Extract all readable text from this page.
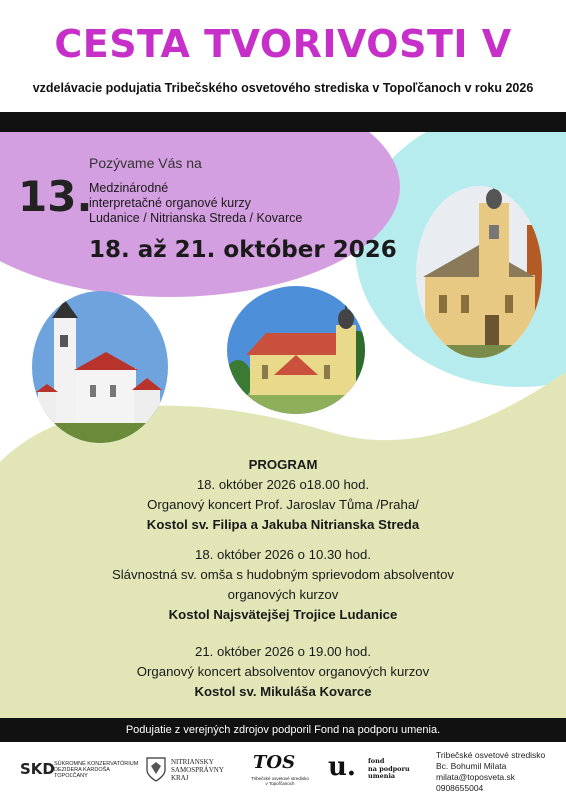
CESTA TVORIVOSTI V
vzdelávacie podujatia Tribečského osvetového strediska v Topoľčanoch v roku 2026
Pozývame Vás na
13.
Medzinárodné
interpretačné organové kurzy
Ludanice / Nitrianska Streda / Kovarce
18. až 21. október 2026
PROGRAM
18. október 2026 o18.00 hod.
Organový koncert Prof. Jaroslav Tůma /Praha/
Kostol sv. Filipa a Jakuba Nitrianska Streda
18. október 2026 o 10.30 hod.
Slávnostná sv. omša s hudobným sprievodom absolventov
organových kurzov
Kostol Najsvätejšej Trojice Ludanice
21. október 2026 o 19.00 hod.
Organový koncert absolventov organových kurzov
Kostol sv. Mikuláša Kovarce
Podujatie z verejných zdrojov podporil Fond na podporu umenia.
SKD SÚKROMNÉ KONZERVATÓRIUM
DEZIDERA KARDOŠA
TOPOĽČANY
NITRIANSKY
SAMOSPRÁVNY
KRAJ
TOS
Tribečské osvetové stredisko
v Topoľčanoch
u. fond
na podporu
umenia
Tribečské osvetové stredisko
Bc. Bohumil Milata
milata@toposveta.sk
0908655004
